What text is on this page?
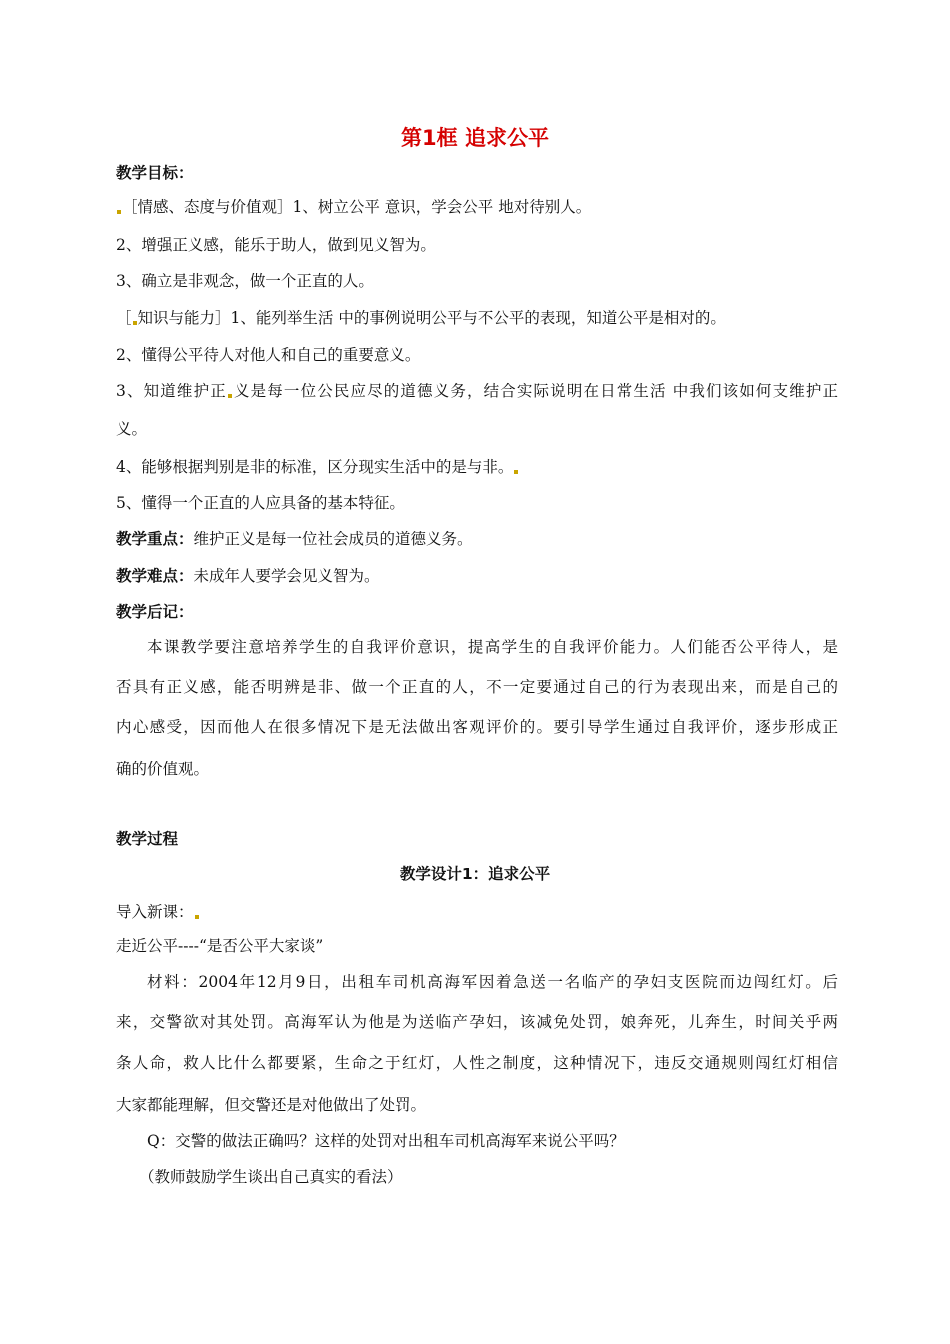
第1框 追求公平
教学目标：
［情感、态度与价值观］1、树立公平 意识，学会公平 地对待别人。
2、增强正义感，能乐于助人，做到见义智为。
3、确立是非观念，做一个正直的人。
［ 知识与能力］1、能列举生活 中的事例说明公平与不公平的表现，知道公平是相对的。
2、懂得公平待人对他人和自己的重要意义。
3、知道维护正 义是每一位公民应尽的道德义务，结合实际说明在日常生活 中我们该如何支维护正
义。
4、能够根据判别是非的标准，区分现实生活中的是与非。
5、懂得一个正直的人应具备的基本特征。
教学重点：维护正义是每一位社会成员的道德义务。
教学难点：未成年人要学会见义智为。
教学后记：
本课教学要注意培养学生的自我评价意识，提高学生的自我评价能力。人们能否公平待人，是
否具有正义感，能否明辨是非、做一个正直的人，不一定要通过自己的行为表现出来，而是自己的
内心感受，因而他人在很多情况下是无法做出客观评价的。要引导学生通过自我评价，逐步形成正
确的价值观。
教学过程
教学设计1：追求公平
导入新课：
走近公平----“是否公平大家谈”
材料：2004年12月9日，出租车司机高海军因着急送一名临产的孕妇支医院而边闯红灯。后
来，交警欲对其处罚。高海军认为他是为送临产孕妇，该减免处罚，娘奔死，儿奔生，时间关乎两
条人命，救人比什么都要紧，生命之于红灯，人性之制度，这种情况下，违反交通规则闯红灯相信
大家都能理解，但交警还是对他做出了处罚。
Q：交警的做法正确吗？这样的处罚对出租车司机高海军来说公平吗？
（教师鼓励学生谈出自己真实的看法）
